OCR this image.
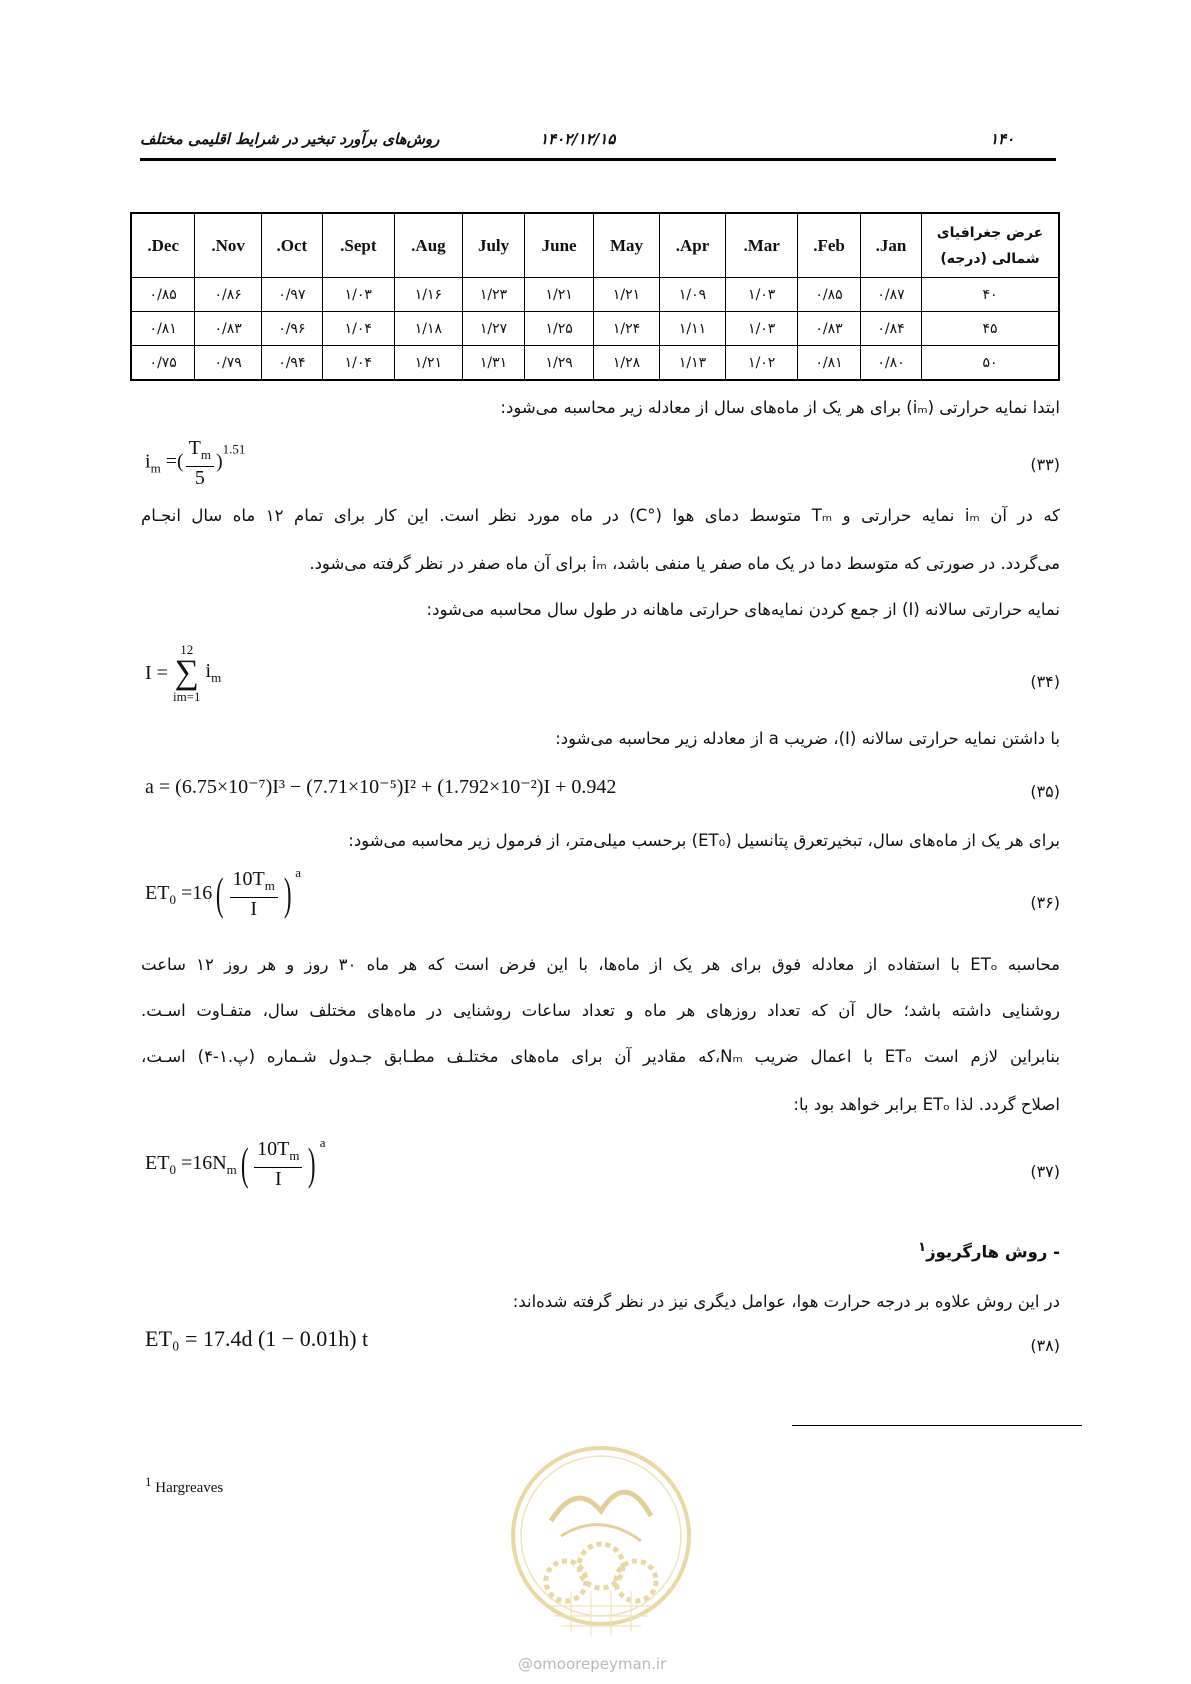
۱۴۰
۱۴۰۲/۱۲/۱۵
روش‌های برآورد تبخیر در شرایط اقلیمی مختلف
عرض جغرافیای
شمالی (درجه)	Jan.	Feb.	Mar.	Apr.	May	June	July	Aug.	Sept.	Oct.	Nov.	Dec.
۴۰	۰/۸۷	۰/۸۵	۱/۰۳	۱/۰۹	۱/۲۱	۱/۲۱	۱/۲۳	۱/۱۶	۱/۰۳	۰/۹۷	۰/۸۶	۰/۸۵
۴۵	۰/۸۴	۰/۸۳	۱/۰۳	۱/۱۱	۱/۲۴	۱/۲۵	۱/۲۷	۱/۱۸	۱/۰۴	۰/۹۶	۰/۸۳	۰/۸۱
۵۰	۰/۸۰	۰/۸۱	۱/۰۲	۱/۱۳	۱/۲۸	۱/۲۹	۱/۳۱	۱/۲۱	۱/۰۴	۰/۹۴	۰/۷۹	۰/۷۵
ابتدا نمایه حرارتی (iₘ) برای هر یک از ماه‌های سال از معادله زیر محاسبه می‌شود:
$i_m$ =( $\frac{T_m}{5} )^{1.51}$
(۳۳)
که در آن iₘ نمایه حرارتی و Tₘ متوسط دمای هوا (°C) در ماه مورد نظر است. این کار برای تمام ۱۲ ماه سال انجـام
می‌گردد. در صورتی که متوسط دما در یک ماه صفر یا منفی باشد، iₘ برای آن ماه صفر در نظر گرفته می‌شود.
نمایه حرارتی سالانه (I) از جمع کردن نمایه‌های حرارتی ماهانه در طول سال محاسبه می‌شود:
I =
12
∑
im=1
$i_m$	(۳۴)
با داشتن نمایه حرارتی سالانه (I)، ضریب a از معادله زیر محاسبه می‌شود:
a = (6.75×10⁻⁷)I³ − (7.71×10⁻⁵)I² + (1.792×10⁻²)I + 0.942	(۳۵)
برای هر یک از ماه‌های سال، تبخیرتعرق پتانسیل (ET₀) برحسب میلی‌متر، از فرمول زیر محاسبه می‌شود:
$ET_0 =16( \frac{10T_m}{I}$ ) $^a$
(۳۶)
محاسبه ETₒ با استفاده از معادله فوق برای هر یک از ماه‌ها، با این فرض است که هر ماه ۳۰ روز و هر روز ۱۲ ساعت
روشنایی داشته باشد؛ حال آن که تعداد روزهای هر ماه و تعداد ساعات روشنایی در ماه‌های مختلف سال، متفـاوت اسـت.
بنابراین لازم است ETₒ با اعمال ضریب Nₘ،که مقادیر آن برای ماه‌های مختلـف مطـابق جـدول شـماره (پ.۱-۴) اسـت،
اصلاح گردد. لذا ETₒ برابر خواهد بود با:
$ET_0 =16N_m( \frac{10T_m}{I}$ ) $^a$
(۳۷)
- روش هارگریوز$^۱$
در این روش علاوه بر درجه حرارت هوا، عوامل دیگری نیز در نظر گرفته شده‌اند:
ET₀ = 17.4d (1 − 0.01h) t	(۳۸)
$^1$ Hargreaves
@omoorepeyman.ir
